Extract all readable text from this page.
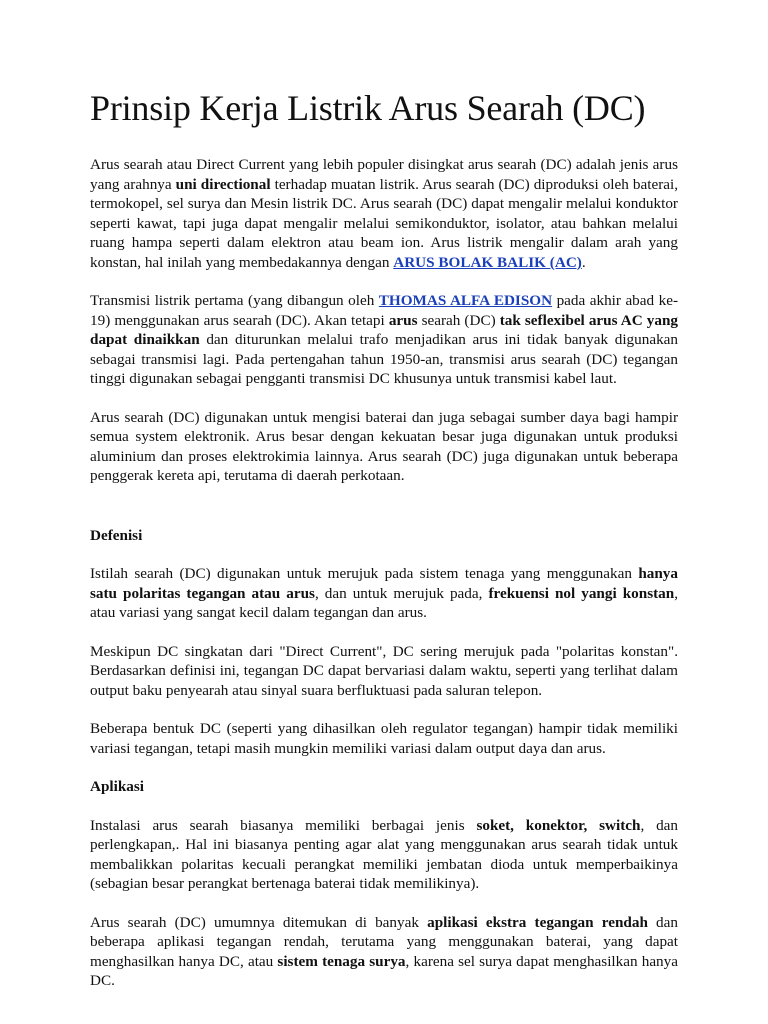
Prinsip Kerja Listrik Arus Searah (DC)

Arus searah atau Direct Current yang lebih populer disingkat arus searah (DC) adalah jenis arus yang arahnya uni directional terhadap muatan listrik. Arus searah (DC) diproduksi oleh baterai, termokopel, sel surya dan Mesin listrik DC. Arus searah (DC) dapat mengalir melalui konduktor seperti kawat, tapi juga dapat mengalir melalui semikonduktor, isolator, atau bahkan melalui ruang hampa seperti dalam elektron atau beam ion. Arus listrik mengalir dalam arah yang konstan, hal inilah yang membedakannya dengan ARUS BOLAK BALIK (AC).

Transmisi listrik pertama (yang dibangun oleh THOMAS ALFA EDISON pada akhir abad ke-19) menggunakan arus searah (DC). Akan tetapi arus searah (DC) tak seflexibel arus AC yang dapat dinaikkan dan diturunkan melalui trafo menjadikan arus ini tidak banyak digunakan sebagai transmisi lagi. Pada pertengahan tahun 1950-an, transmisi arus searah (DC) tegangan tinggi digunakan sebagai pengganti transmisi DC khusunya untuk transmisi kabel laut.

Arus searah (DC) digunakan untuk mengisi baterai dan juga sebagai sumber daya bagi hampir semua system elektronik. Arus besar dengan kekuatan besar juga digunakan untuk produksi aluminium dan proses elektrokimia lainnya. Arus searah (DC) juga digunakan untuk beberapa penggerak kereta api, terutama di daerah perkotaan.

Defenisi

Istilah searah (DC) digunakan untuk merujuk pada sistem tenaga yang menggunakan hanya satu polaritas tegangan atau arus, dan untuk merujuk pada, frekuensi nol yangi konstan, atau variasi yang sangat kecil dalam tegangan dan arus.

Meskipun DC singkatan dari "Direct Current", DC sering merujuk pada "polaritas konstan". Berdasarkan definisi ini, tegangan DC dapat bervariasi dalam waktu, seperti yang terlihat dalam output baku penyearah atau sinyal suara berfluktuasi pada saluran telepon.

Beberapa bentuk DC (seperti yang dihasilkan oleh regulator tegangan) hampir tidak memiliki variasi tegangan, tetapi masih mungkin memiliki variasi dalam output daya dan arus.

Aplikasi

Instalasi arus searah biasanya memiliki berbagai jenis soket, konektor, switch, dan perlengkapan,. Hal ini biasanya penting agar alat yang menggunakan arus searah tidak untuk membalikkan polaritas kecuali perangkat memiliki jembatan dioda untuk memperbaikinya (sebagian besar perangkat bertenaga baterai tidak memilikinya).

Arus searah (DC) umumnya ditemukan di banyak aplikasi ekstra tegangan rendah dan beberapa aplikasi tegangan rendah, terutama yang menggunakan baterai, yang dapat menghasilkan hanya DC, atau sistem tenaga surya, karena sel surya dapat menghasilkan hanya DC.
